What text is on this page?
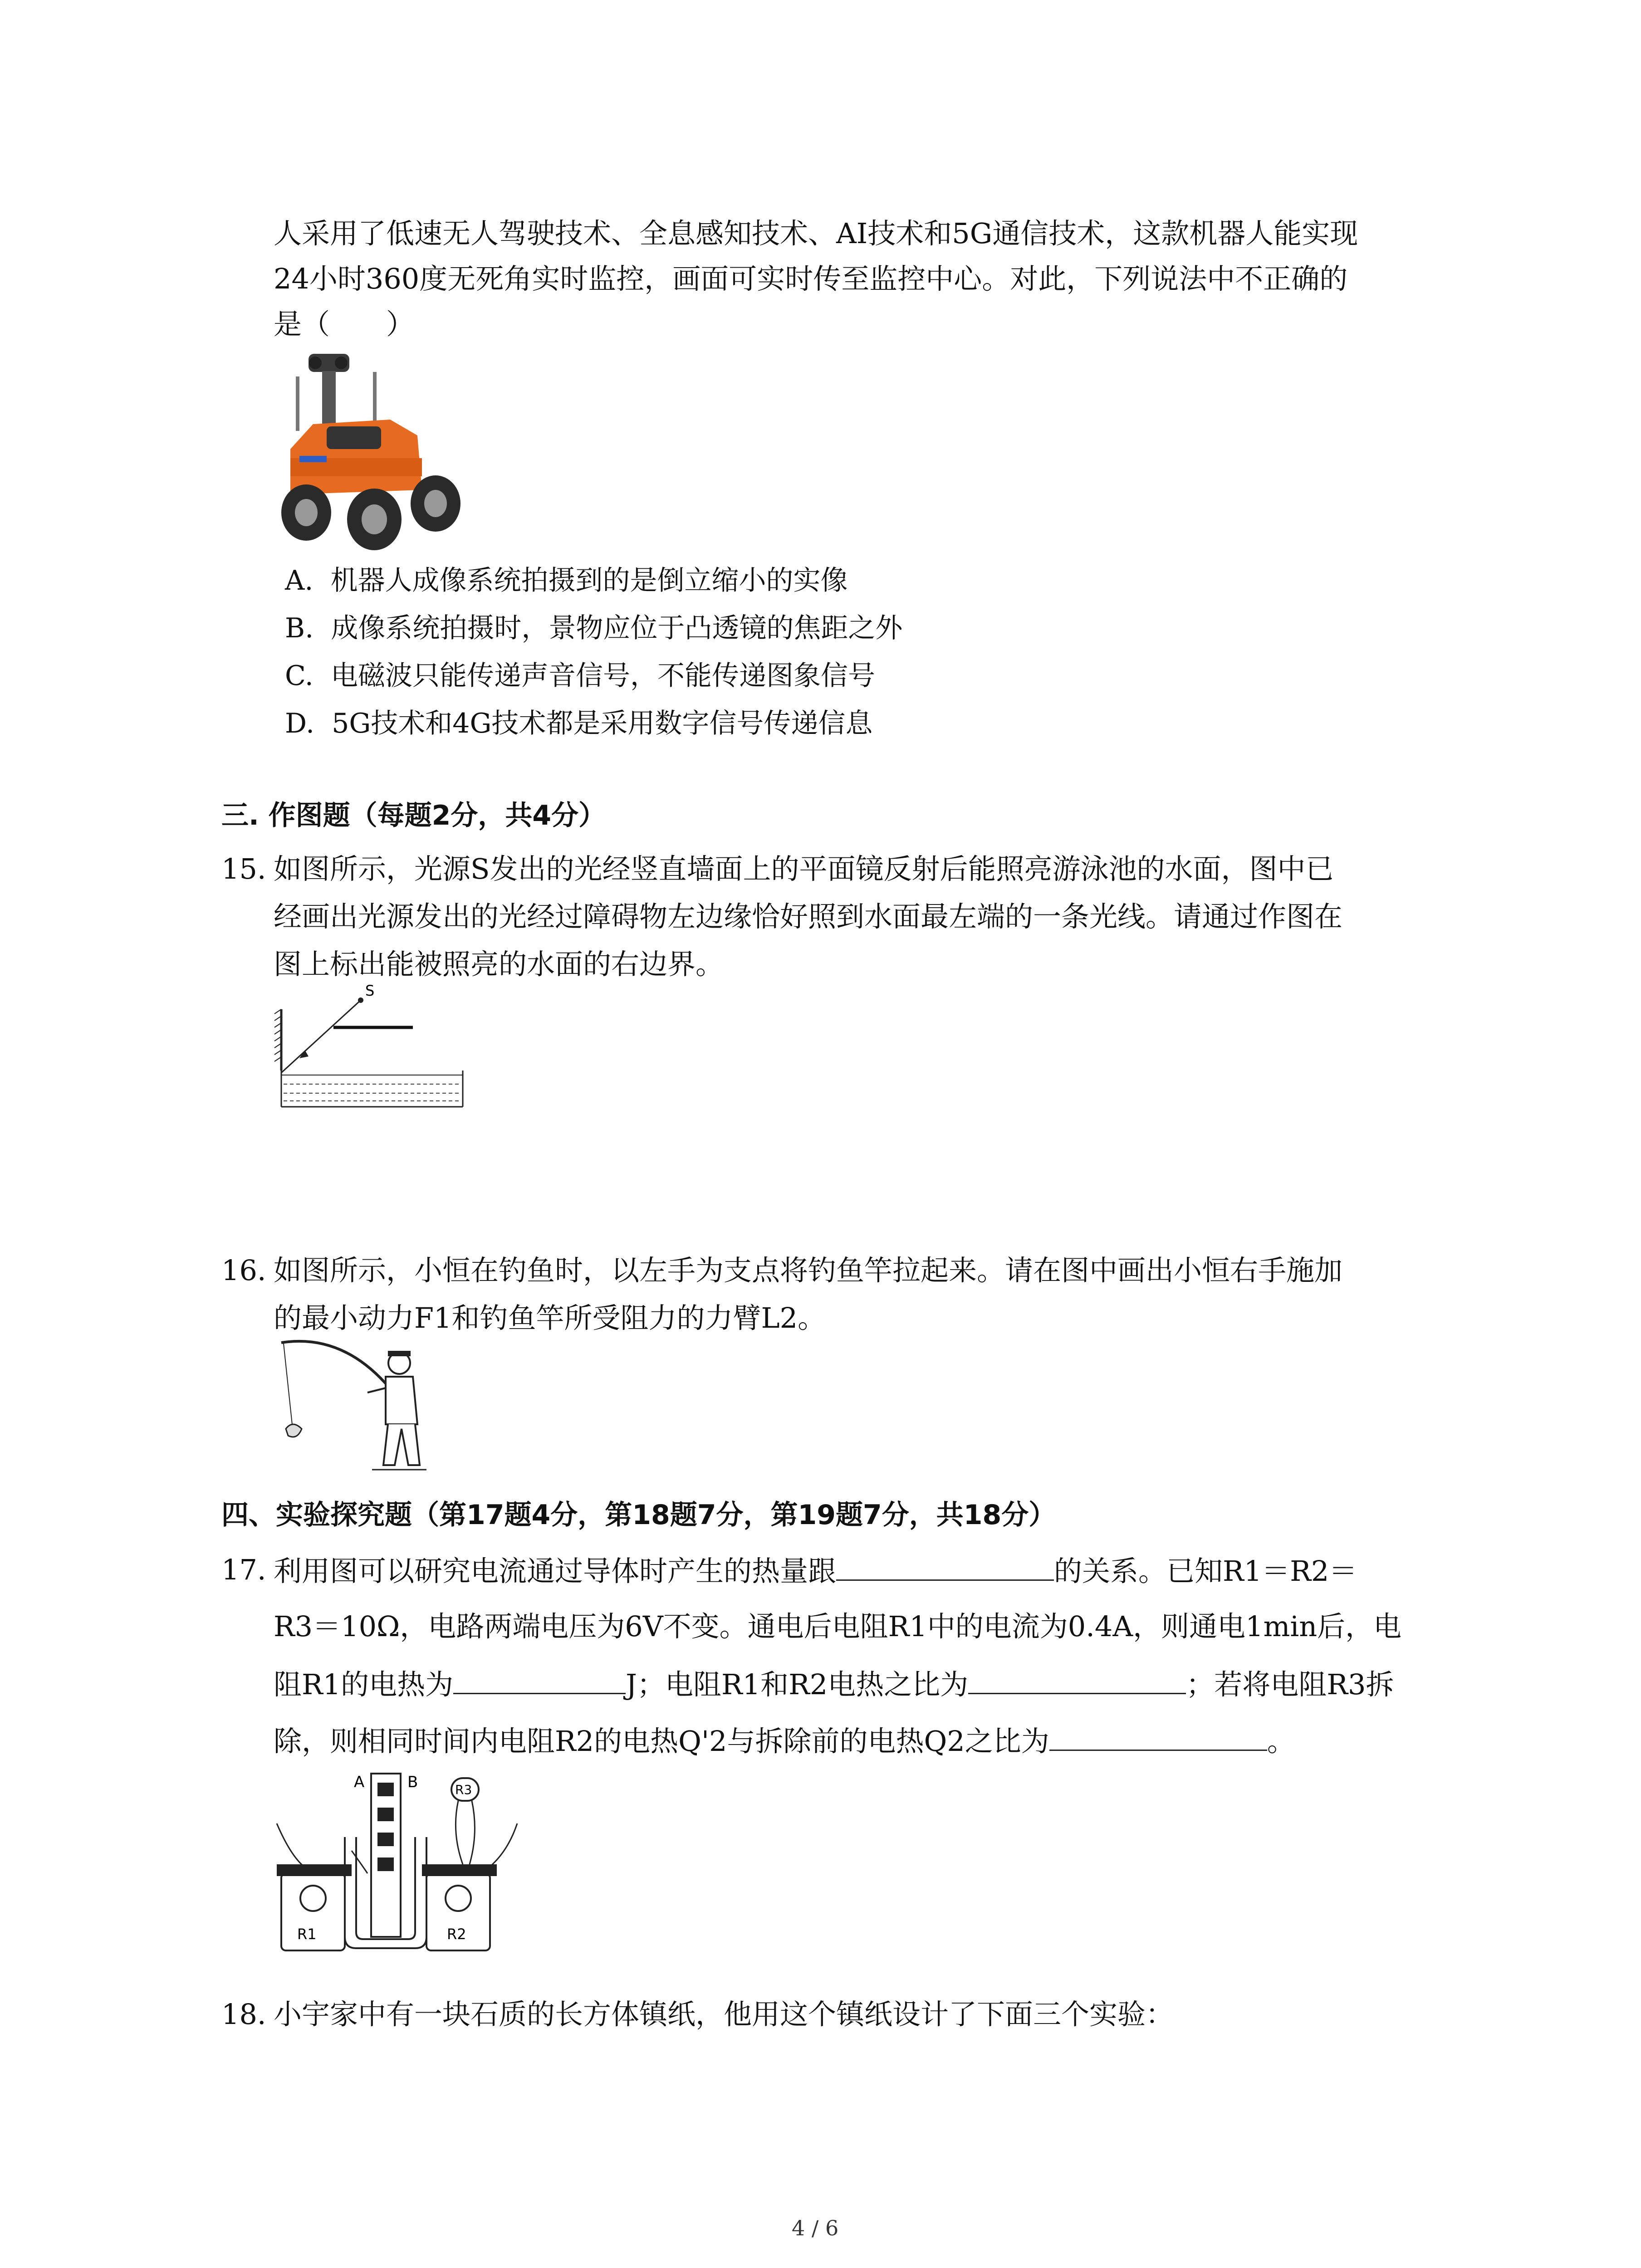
人采用了低速无人驾驶技术、全息感知技术、AI技术和5G通信技术，这款机器人能实现
24小时360度无死角实时监控，画面可实时传至监控中心。对此，下列说法中不正确的
是（　　）
A. 机器人成像系统拍摄到的是倒立缩小的实像
B. 成像系统拍摄时，景物应位于凸透镜的焦距之外
C. 电磁波只能传递声音信号，不能传递图象信号
D. 5G技术和4G技术都是采用数字信号传递信息
三. 作图题（每题2分，共4分）
15. 如图所示，光源S发出的光经竖直墙面上的平面镜反射后能照亮游泳池的水面，图中已
经画出光源发出的光经过障碍物左边缘恰好照到水面最左端的一条光线。请通过作图在
图上标出能被照亮的水面的右边界。
S
16. 如图所示，小恒在钓鱼时，以左手为支点将钓鱼竿拉起来。请在图中画出小恒右手施加
的最小动力F1和钓鱼竿所受阻力的力臂L2。
四、实验探究题（第17题4分，第18题7分，第19题7分，共18分）
17. 利用图可以研究电流通过导体时产生的热量跟	的关系。已知R1＝R2＝
R3＝10Ω，电路两端电压为6V不变。通电后电阻R1中的电流为0.4A，则通电1min后，电
阻R1的电热为	J；电阻R1和R2电热之比为	；若将电阻R3拆
除，则相同时间内电阻R2的电热Q'2与拆除前的电热Q2之比为	。
A	B
R1	R2
R3
18. 小宇家中有一块石质的长方体镇纸，他用这个镇纸设计了下面三个实验：
4 / 6
